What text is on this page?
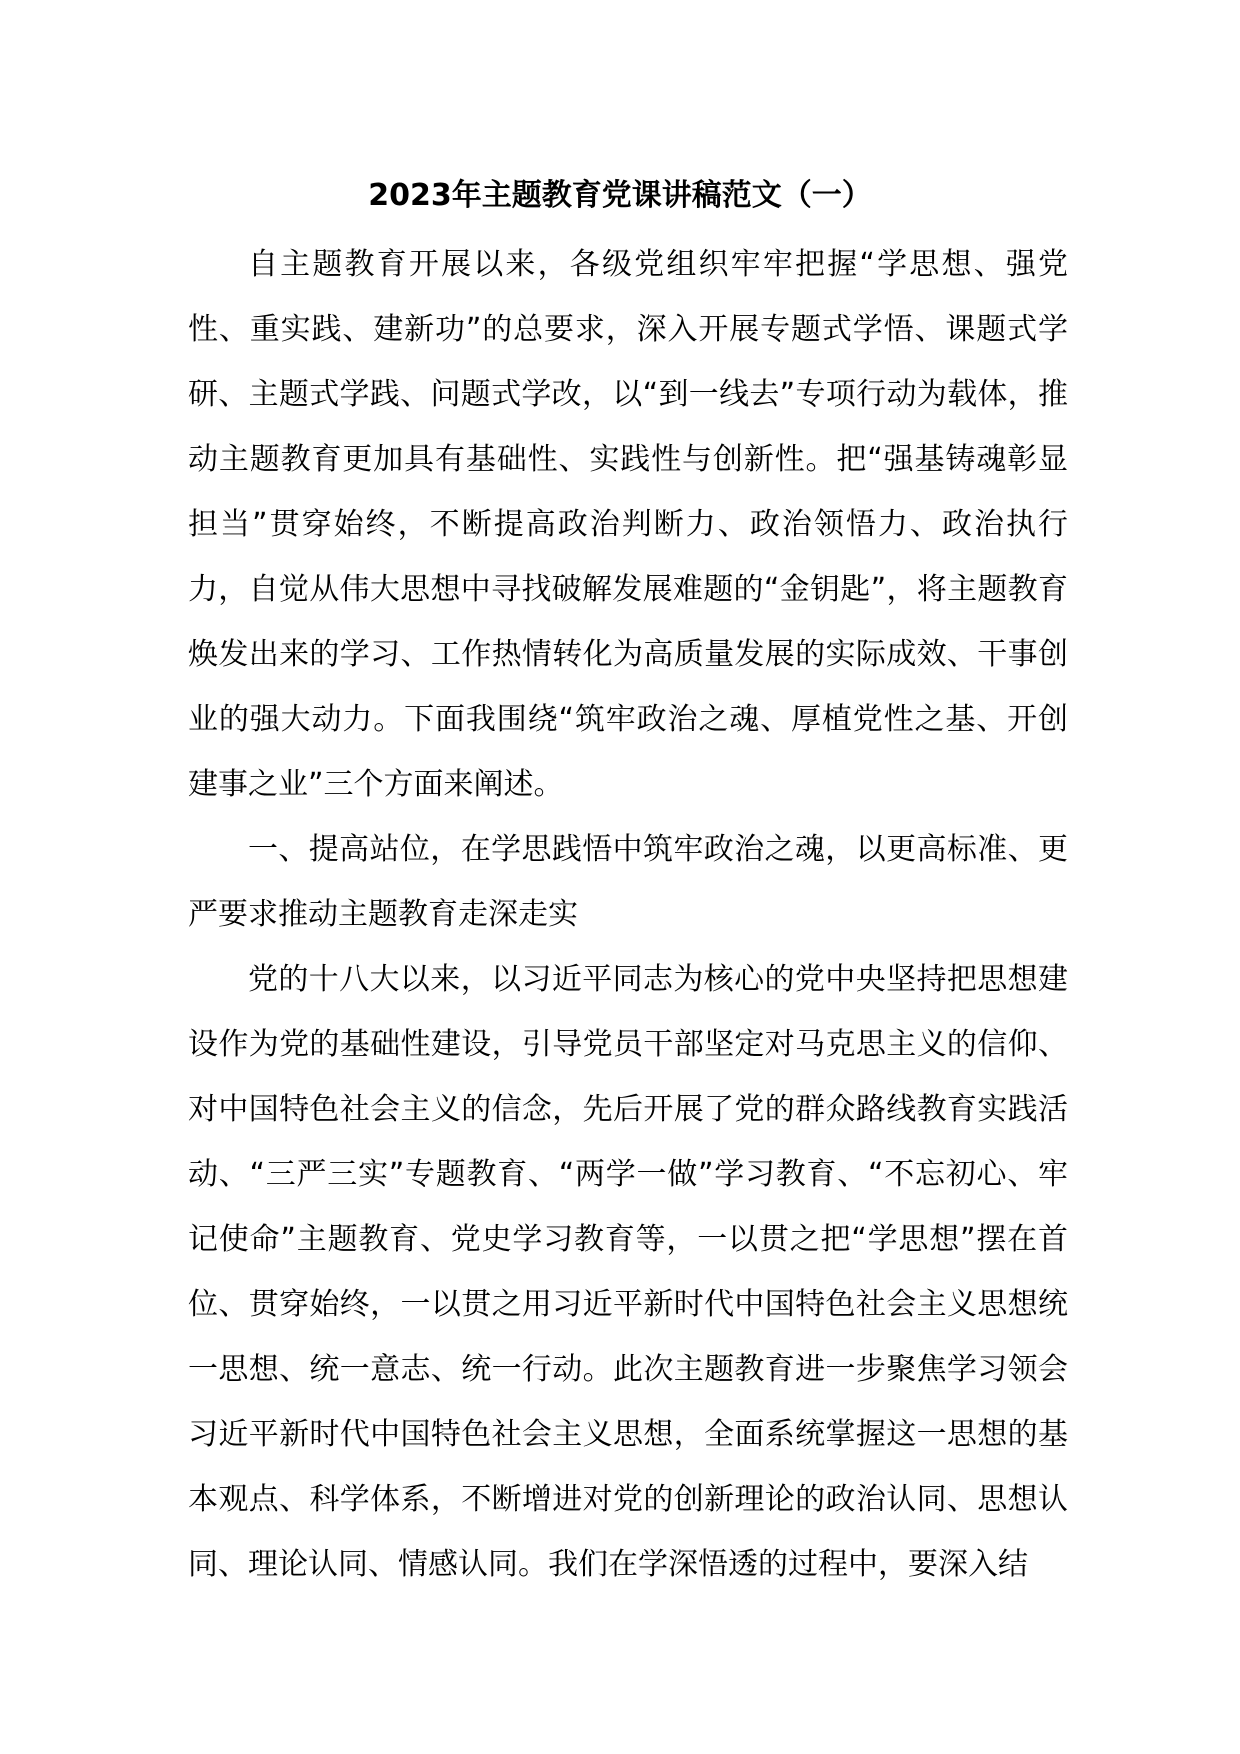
2023年主题教育党课讲稿范文（一）

自主题教育开展以来，各级党组织牢牢把握“学思想、强党性、重实践、建新功”的总要求，深入开展专题式学悟、课题式学研、主题式学践、问题式学改，以“到一线去”专项行动为载体，推动主题教育更加具有基础性、实践性与创新性。把“强基铸魂彰显担当”贯穿始终，不断提高政治判断力、政治领悟力、政治执行力，自觉从伟大思想中寻找破解发展难题的“金钥匙”，将主题教育焕发出来的学习、工作热情转化为高质量发展的实际成效、干事创业的强大动力。下面我围绕“筑牢政治之魂、厚植党性之基、开创建事之业”三个方面来阐述。

一、提高站位，在学思践悟中筑牢政治之魂，以更高标准、更严要求推动主题教育走深走实

党的十八大以来，以习近平同志为核心的党中央坚持把思想建设作为党的基础性建设，引导党员干部坚定对马克思主义的信仰、对中国特色社会主义的信念，先后开展了党的群众路线教育实践活动、“三严三实”专题教育、“两学一做”学习教育、“不忘初心、牢记使命”主题教育、党史学习教育等，一以贯之把“学思想”摆在首位、贯穿始终，一以贯之用习近平新时代中国特色社会主义思想统一思想、统一意志、统一行动。此次主题教育进一步聚焦学习领会习近平新时代中国特色社会主义思想，全面系统掌握这一思想的基本观点、科学体系，不断增进对党的创新理论的政治认同、思想认同、理论认同、情感认同。我们在学深悟透的过程中，要深入结
